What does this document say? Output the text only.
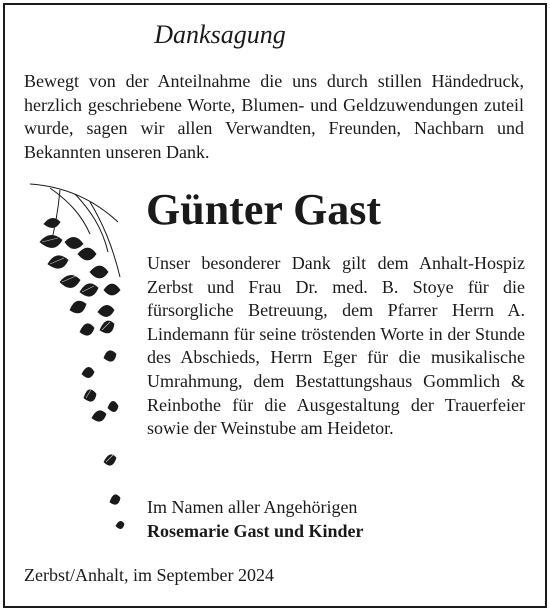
Danksagung
Bewegt von der Anteilnahme die uns durch stillen Händedruck, herzlich geschriebene Worte, Blumen- und Geldzuwendungen zuteil wurde, sagen wir allen Verwandten, Freunden, Nachbarn und Bekannten unseren Dank.
Günter Gast
Unser besonderer Dank gilt dem Anhalt-Hospiz Zerbst und Frau Dr. med. B. Stoye für die fürsorgliche Betreuung, dem Pfarrer Herrn A. Lindemann für seine tröstenden Worte in der Stunde des Abschieds, Herrn Eger für die musikalische Umrahmung, dem Bestattungshaus Gommlich & Reinbothe für die Ausgestaltung der Trauerfeier sowie der Weinstube am Heidetor.
Im Namen aller Angehörigen
Rosemarie Gast und Kinder
Zerbst/Anhalt, im September 2024
